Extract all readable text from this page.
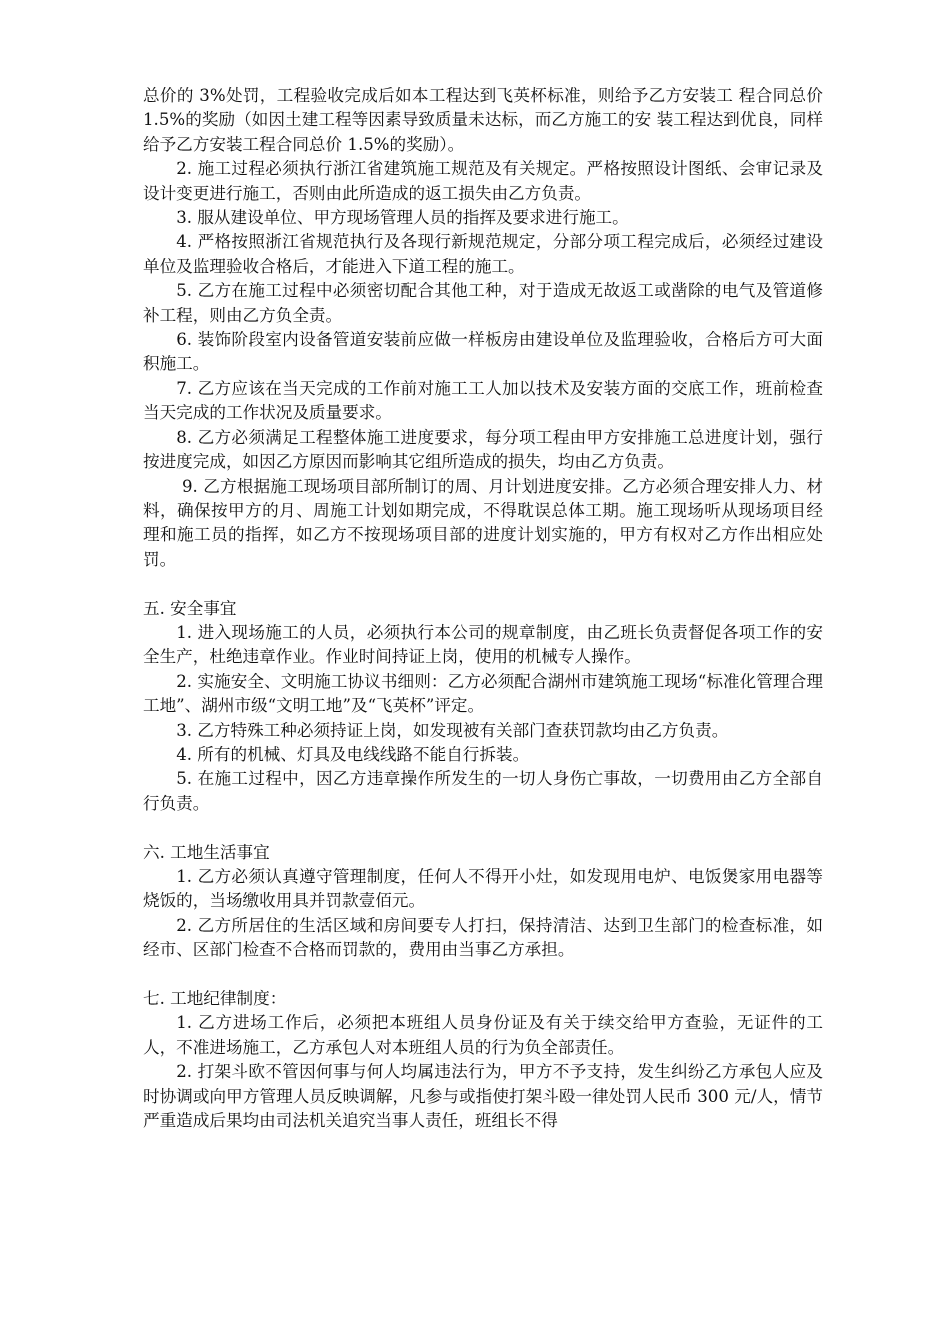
总价的 3%处罚，工程验收完成后如本工程达到飞英杯标准，则给予乙方安装工 程合同总价 1.5%的奖励（如因土建工程等因素导致质量未达标，而乙方施工的安 装工程达到优良，同样给予乙方安装工程合同总价 1.5%的奖励）。

2. 施工过程必须执行浙江省建筑施工规范及有关规定。严格按照设计图纸、会审记录及设计变更进行施工，否则由此所造成的返工损失由乙方负责。

3. 服从建设单位、甲方现场管理人员的指挥及要求进行施工。

4. 严格按照浙江省规范执行及各现行新规范规定，分部分项工程完成后，必须经过建设单位及监理验收合格后，才能进入下道工程的施工。

5. 乙方在施工过程中必须密切配合其他工种，对于造成无故返工或凿除的电气及管道修补工程，则由乙方负全责。

6. 装饰阶段室内设备管道安装前应做一样板房由建设单位及监理验收，合格后方可大面积施工。

7. 乙方应该在当天完成的工作前对施工工人加以技术及安装方面的交底工作，班前检查当天完成的工作状况及质量要求。

8. 乙方必须满足工程整体施工进度要求，每分项工程由甲方安排施工总进度计划，强行按进度完成，如因乙方原因而影响其它组所造成的损失，均由乙方负责。

9. 乙方根据施工现场项目部所制订的周、月计划进度安排。乙方必须合理安排人力、材料，确保按甲方的月、周施工计划如期完成，不得耽误总体工期。施工现场听从现场项目经理和施工员的指挥，如乙方不按现场项目部的进度计划实施的，甲方有权对乙方作出相应处罚。

五. 安全事宜

1. 进入现场施工的人员，必须执行本公司的规章制度，由乙班长负责督促各项工作的安全生产，杜绝违章作业。作业时间持证上岗，使用的机械专人操作。

2. 实施安全、文明施工协议书细则：乙方必须配合湖州市建筑施工现场“标准化管理合理工地”、湖州市级“文明工地”及“飞英杯”评定。

3. 乙方特殊工种必须持证上岗，如发现被有关部门查获罚款均由乙方负责。

4. 所有的机械、灯具及电线线路不能自行拆装。

5. 在施工过程中，因乙方违章操作所发生的一切人身伤亡事故，一切费用由乙方全部自行负责。

六. 工地生活事宜

1. 乙方必须认真遵守管理制度，任何人不得开小灶，如发现用电炉、电饭煲家用电器等烧饭的，当场缴收用具并罚款壹佰元。

2. 乙方所居住的生活区域和房间要专人打扫，保持清洁、达到卫生部门的检查标准，如经市、区部门检查不合格而罚款的，费用由当事乙方承担。

七. 工地纪律制度：

1. 乙方进场工作后，必须把本班组人员身份证及有关于续交给甲方查验，无证件的工人，不准进场施工，乙方承包人对本班组人员的行为负全部责任。

2. 打架斗欧不管因何事与何人均属违法行为，甲方不予支持，发生纠纷乙方承包人应及时协调或向甲方管理人员反映调解，凡参与或指使打架斗殴一律处罚人民币 300 元/人，情节严重造成后果均由司法机关追究当事人责任，班组长不得
